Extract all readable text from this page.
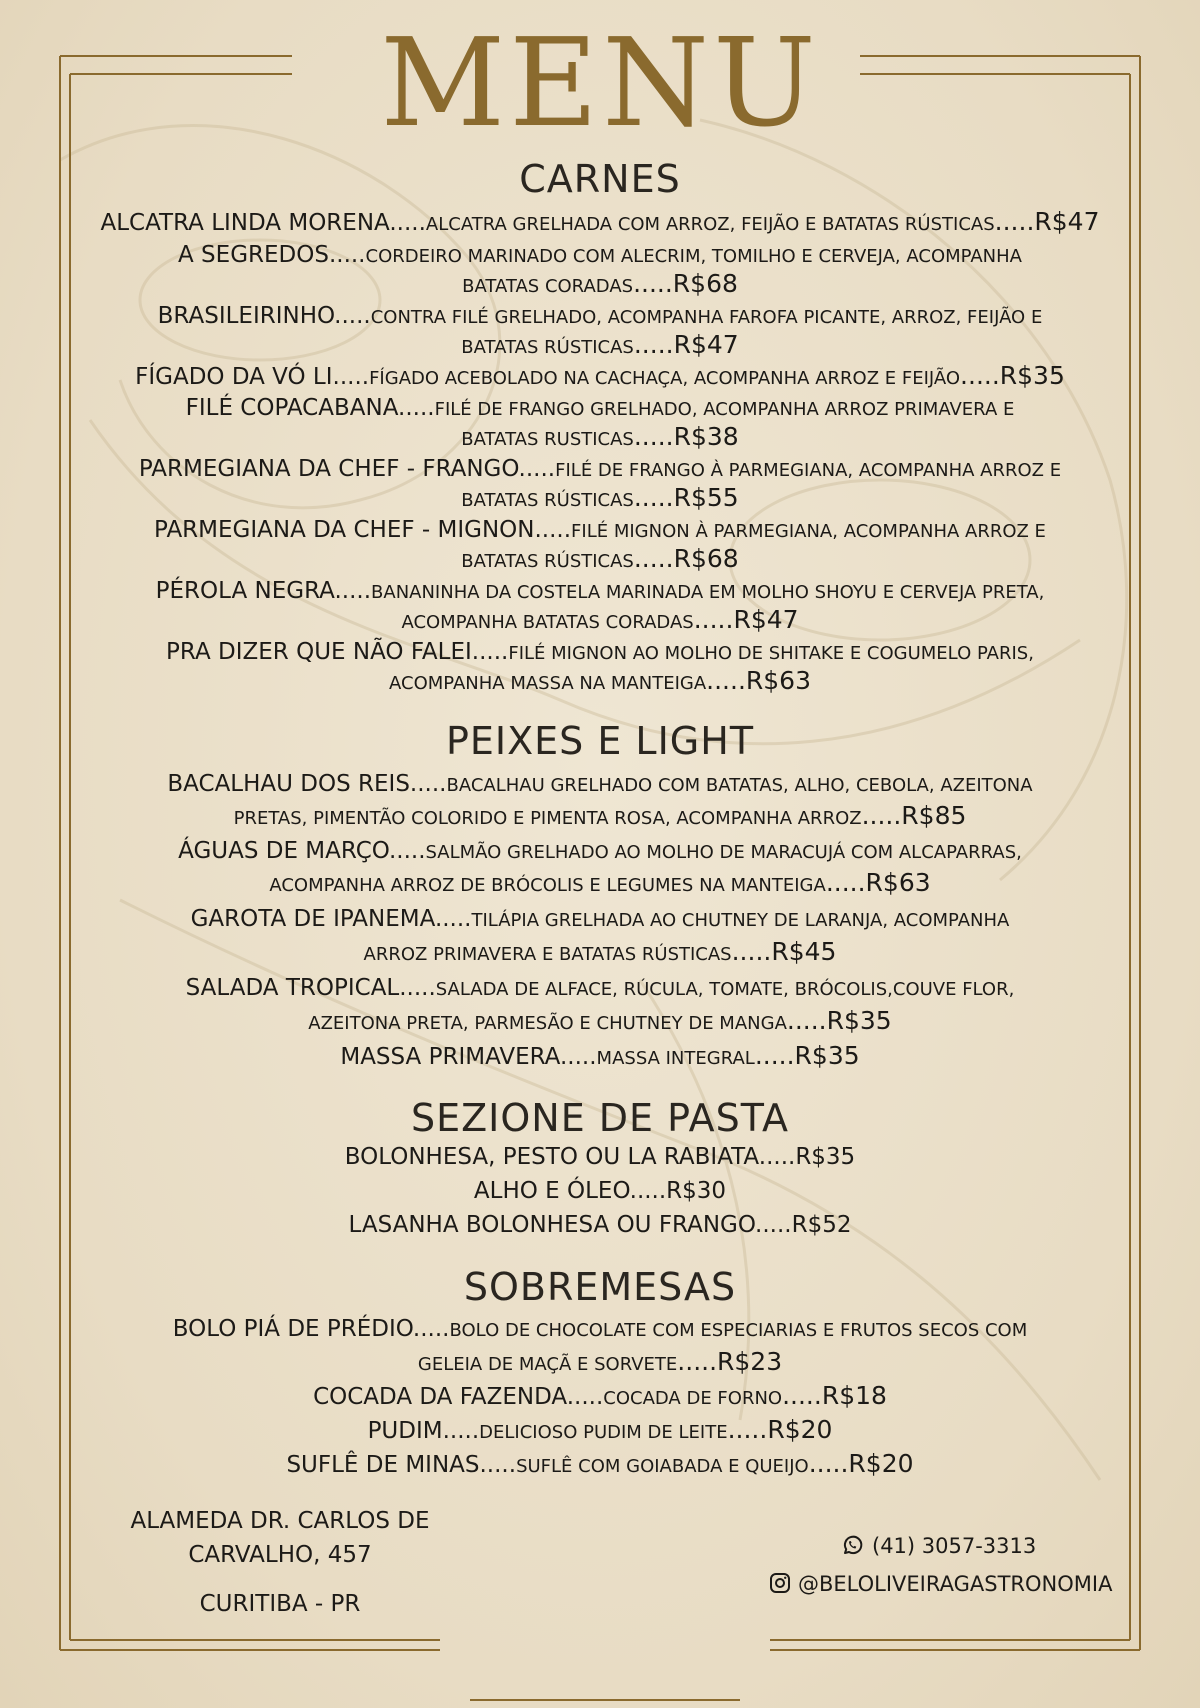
MENU
CARNES
ALCATRA LINDA MORENA.....ALCATRA GRELHADA COM ARROZ, FEIJÃO E BATATAS RÚSTICAS.....R$47
A SEGREDOS.....CORDEIRO MARINADO COM ALECRIM, TOMILHO E CERVEJA, ACOMPANHA
BATATAS CORADAS.....R$68
BRASILEIRINHO.....CONTRA FILÉ GRELHADO, ACOMPANHA FAROFA PICANTE, ARROZ, FEIJÃO E
BATATAS RÚSTICAS.....R$47
FÍGADO DA VÓ LI.....FÍGADO ACEBOLADO NA CACHAÇA, ACOMPANHA ARROZ E FEIJÃO.....R$35
FILÉ COPACABANA.....FILÉ DE FRANGO GRELHADO, ACOMPANHA ARROZ PRIMAVERA E
BATATAS RUSTICAS.....R$38
PARMEGIANA DA CHEF - FRANGO.....FILÉ DE FRANGO À PARMEGIANA, ACOMPANHA ARROZ E
BATATAS RÚSTICAS.....R$55
PARMEGIANA DA CHEF - MIGNON.....FILÉ MIGNON À PARMEGIANA, ACOMPANHA ARROZ E
BATATAS RÚSTICAS.....R$68
PÉROLA NEGRA.....BANANINHA DA COSTELA MARINADA EM MOLHO SHOYU E CERVEJA PRETA,
ACOMPANHA BATATAS CORADAS.....R$47
PRA DIZER QUE NÃO FALEI.....FILÉ MIGNON AO MOLHO DE SHITAKE E COGUMELO PARIS,
ACOMPANHA MASSA NA MANTEIGA.....R$63
PEIXES E LIGHT
BACALHAU DOS REIS.....BACALHAU GRELHADO COM BATATAS, ALHO, CEBOLA, AZEITONA
PRETAS, PIMENTÃO COLORIDO E PIMENTA ROSA, ACOMPANHA ARROZ.....R$85
ÁGUAS DE MARÇO.....SALMÃO GRELHADO AO MOLHO DE MARACUJÁ COM ALCAPARRAS,
ACOMPANHA ARROZ DE BRÓCOLIS E LEGUMES NA MANTEIGA.....R$63
GAROTA DE IPANEMA.....TILÁPIA GRELHADA AO CHUTNEY DE LARANJA, ACOMPANHA
ARROZ PRIMAVERA E BATATAS RÚSTICAS.....R$45
SALADA TROPICAL.....SALADA DE ALFACE, RÚCULA, TOMATE, BRÓCOLIS,COUVE FLOR,
AZEITONA PRETA, PARMESÃO E CHUTNEY DE MANGA.....R$35
MASSA PRIMAVERA.....MASSA INTEGRAL.....R$35
SEZIONE DE PASTA
BOLONHESA, PESTO OU LA RABIATA.....R$35
ALHO E ÓLEO.....R$30
LASANHA BOLONHESA OU FRANGO.....R$52
SOBREMESAS
BOLO PIÁ DE PRÉDIO.....BOLO DE CHOCOLATE COM ESPECIARIAS E FRUTOS SECOS COM
GELEIA DE MAÇÃ E SORVETE.....R$23
COCADA DA FAZENDA.....COCADA DE FORNO.....R$18
PUDIM.....DELICIOSO PUDIM DE LEITE.....R$20
SUFLÊ DE MINAS.....SUFLÊ COM GOIABADA E QUEIJO.....R$20
ALAMEDA DR. CARLOS DE
CARVALHO, 457
CURITIBA - PR
(41) 3057-3313
@BELOLIVEIRAGASTRONOMIA
